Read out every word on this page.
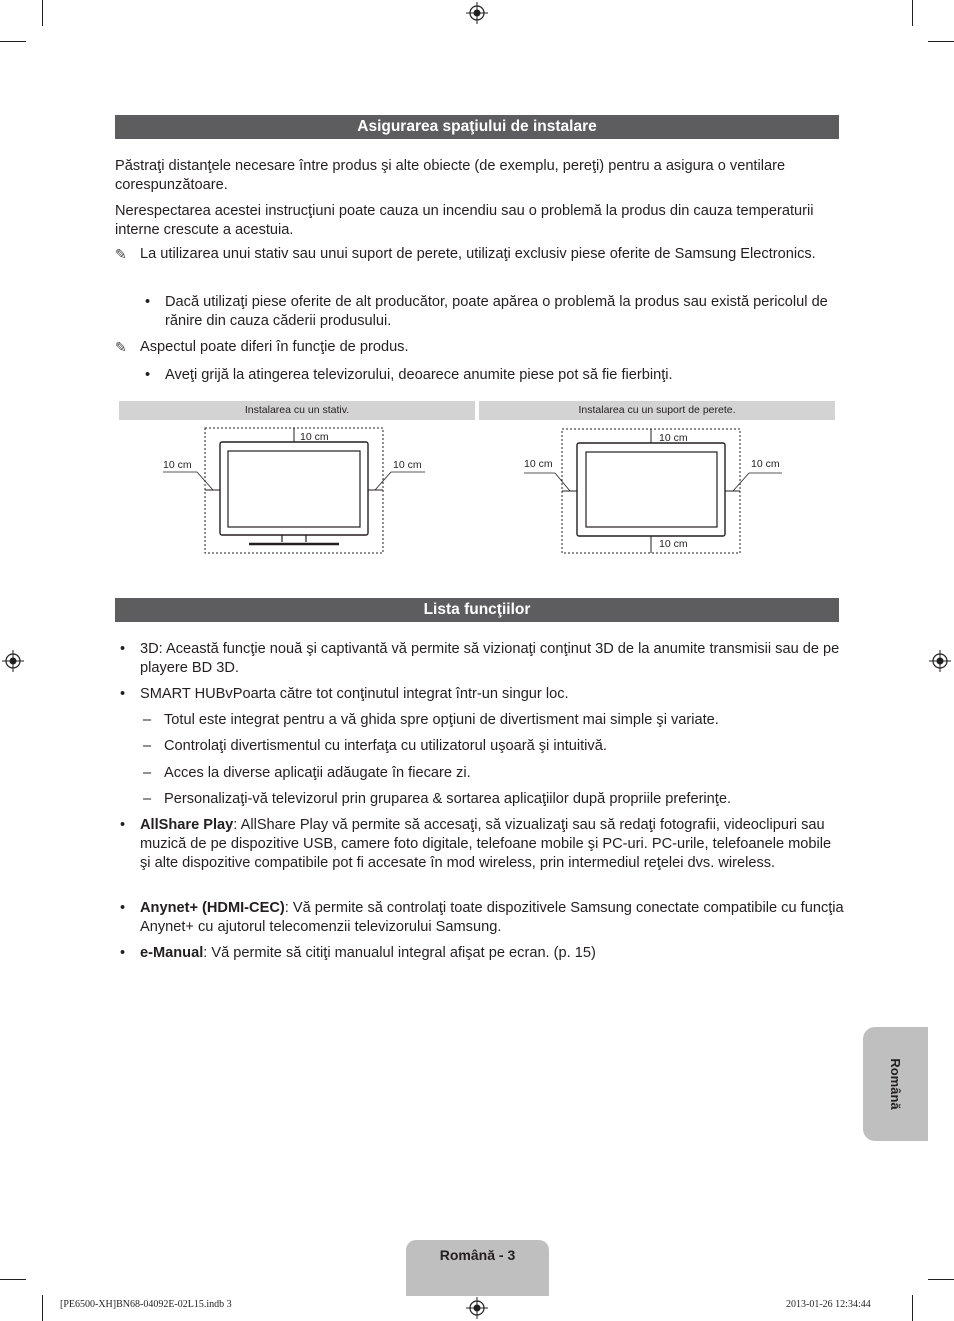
Asigurarea spaţiului de instalare
Păstraţi distanţele necesare între produs şi alte obiecte (de exemplu, pereţi) pentru a asigura o ventilare corespunzătoare.
Nerespectarea acestei instrucţiuni poate cauza un incendiu sau o problemă la produs din cauza temperaturii interne crescute a acestuia.
✎ La utilizarea unui stativ sau unui suport de perete, utilizaţi exclusiv piese oferite de Samsung Electronics.
• Dacă utilizaţi piese oferite de alt producător, poate apărea o problemă la produs sau există pericolul de rănire din cauza căderii produsului.
✎ Aspectul poate diferi în funcţie de produs.
• Aveţi grijă la atingerea televizorului, deoarece anumite piese pot să fie fierbinţi.
Instalarea cu un stativ.	Instalarea cu un suport de perete.
10 cm
10 cm	10 cm
10 cm
10 cm	10 cm
10 cm
Lista funcţiilor
• 3D: Această funcţie nouă şi captivantă vă permite să vizionaţi conţinut 3D de la anumite transmisii sau de pe playere BD 3D.
• SMART HUBvPoarta către tot conţinutul integrat într-un singur loc.
– Totul este integrat pentru a vă ghida spre opţiuni de divertisment mai simple şi variate.
– Controlaţi divertismentul cu interfaţa cu utilizatorul uşoară şi intuitivă.
– Acces la diverse aplicaţii adăugate în fiecare zi.
– Personalizaţi-vă televizorul prin gruparea & sortarea aplicaţiilor după propriile preferinţe.
• AllShare Play: AllShare Play vă permite să accesaţi, să vizualizaţi sau să redaţi fotografii, videoclipuri sau muzică de pe dispozitive USB, camere foto digitale, telefoane mobile şi PC-uri. PC-urile, telefoanele mobile şi alte dispozitive compatibile pot fi accesate în mod wireless, prin intermediul reţelei dvs. wireless.
• Anynet+ (HDMI-CEC): Vă permite să controlaţi toate dispozitivele Samsung conectate compatibile cu funcţia Anynet+ cu ajutorul telecomenzii televizorului Samsung.
• e-Manual: Vă permite să citiţi manualul integral afişat pe ecran. (p. 15)
Română
Română - 3
[PE6500-XH]BN68-04092E-02L15.indb 3	2013-01-26 12:34:44
